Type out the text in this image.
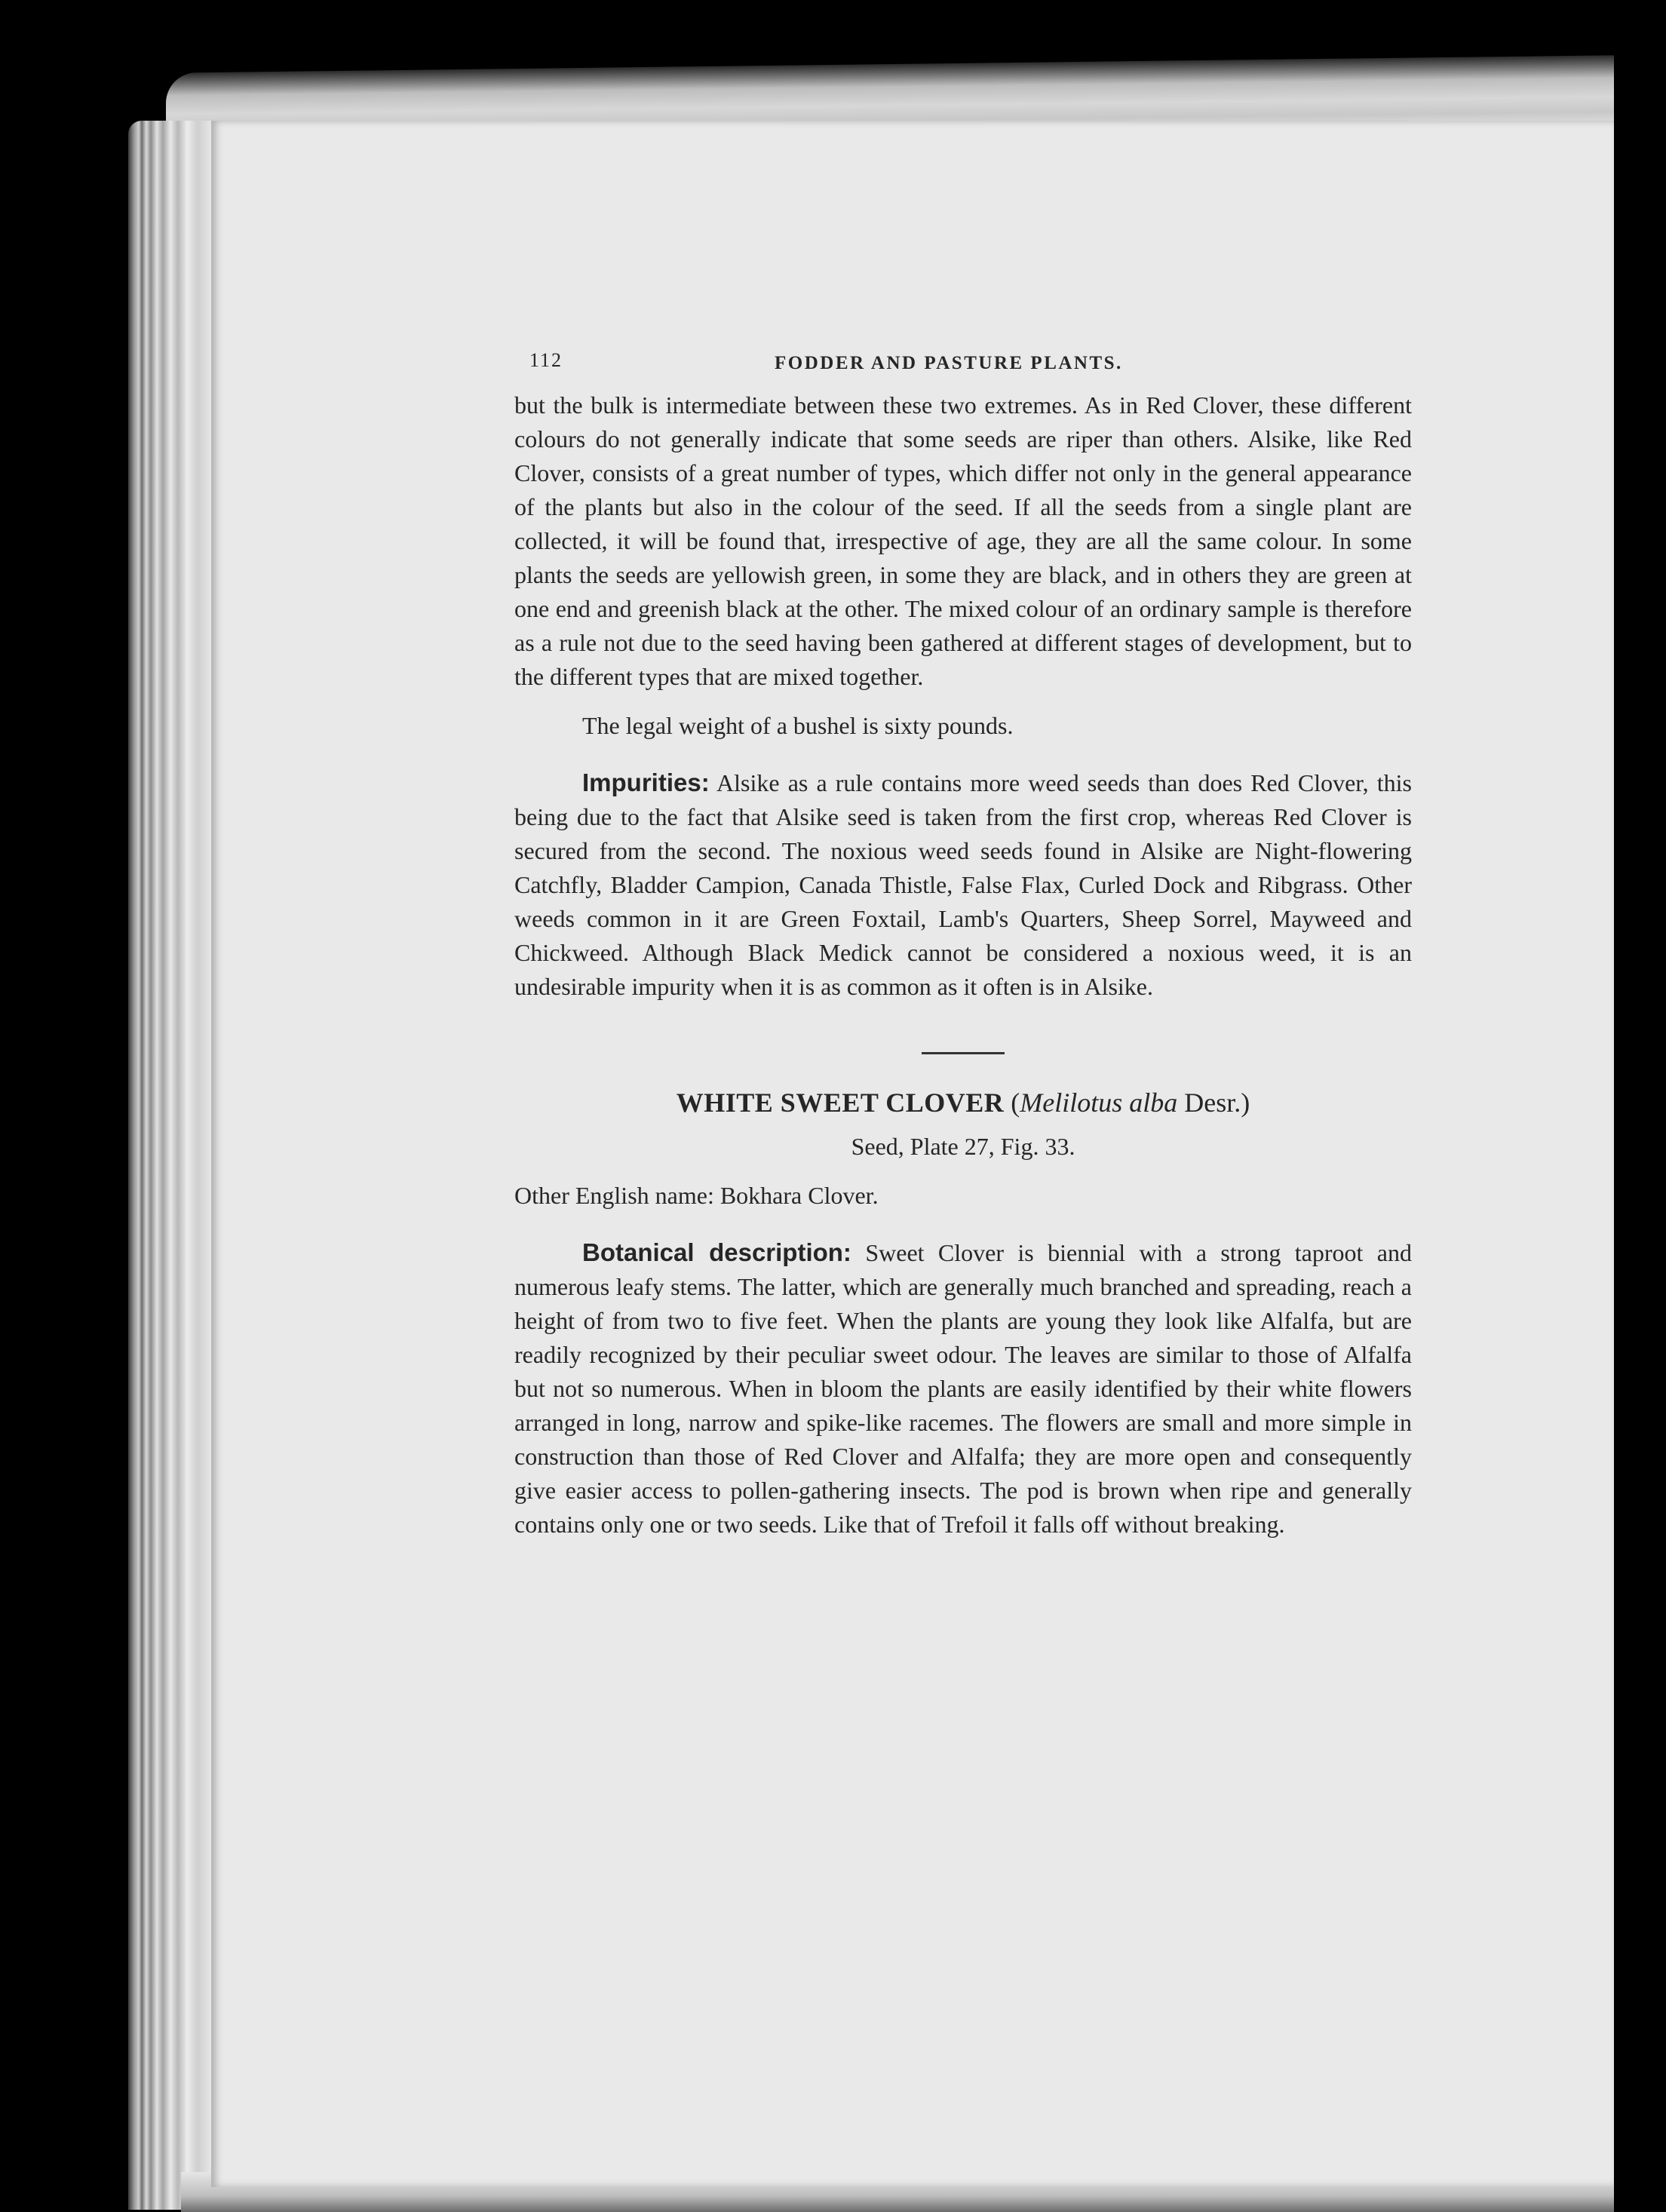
112	FODDER AND PASTURE PLANTS.

but the bulk is intermediate between these two extremes. As in Red Clover, these different colours do not generally indicate that some seeds are riper than others. Alsike, like Red Clover, consists of a great number of types, which differ not only in the general appearance of the plants but also in the colour of the seed. If all the seeds from a single plant are collected, it will be found that, irrespective of age, they are all the same colour. In some plants the seeds are yellowish green, in some they are black, and in others they are green at one end and greenish black at the other. The mixed colour of an ordinary sample is therefore as a rule not due to the seed having been gathered at different stages of development, but to the different types that are mixed together.

The legal weight of a bushel is sixty pounds.

Impurities: Alsike as a rule contains more weed seeds than does Red Clover, this being due to the fact that Alsike seed is taken from the first crop, whereas Red Clover is secured from the second. The noxious weed seeds found in Alsike are Night-flowering Catchfly, Bladder Campion, Canada Thistle, False Flax, Curled Dock and Ribgrass. Other weeds common in it are Green Foxtail, Lamb's Quarters, Sheep Sorrel, Mayweed and Chickweed. Although Black Medick cannot be considered a noxious weed, it is an undesirable impurity when it is as common as it often is in Alsike.

WHITE SWEET CLOVER (Melilotus alba Desr.)
Seed, Plate 27, Fig. 33.

Other English name: Bokhara Clover.

Botanical description: Sweet Clover is biennial with a strong taproot and numerous leafy stems. The latter, which are generally much branched and spreading, reach a height of from two to five feet. When the plants are young they look like Alfalfa, but are readily recognized by their peculiar sweet odour. The leaves are similar to those of Alfalfa but not so numerous. When in bloom the plants are easily identified by their white flowers arranged in long, narrow and spike-like racemes. The flowers are small and more simple in construction than those of Red Clover and Alfalfa; they are more open and consequently give easier access to pollen-gathering insects. The pod is brown when ripe and generally contains only one or two seeds. Like that of Trefoil it falls off without breaking.
